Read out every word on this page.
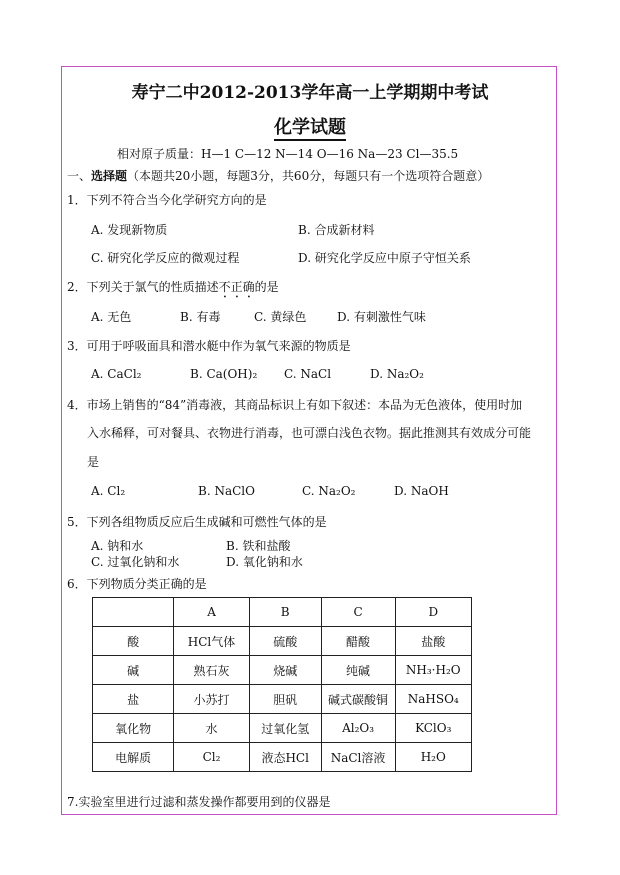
寿宁二中2012-2013学年高一上学期期中考试
化学试题
相对原子质量：H—1 C—12 N—14 O—16 Na—23 Cl—35.5
一、选择题（本题共20小题，每题3分，共60分，每题只有一个选项符合题意）
1．下列不符合当今化学研究方向的是
A. 发现新物质	B. 合成新材料
C. 研究化学反应的微观过程	D. 研究化学反应中原子守恒关系
2．下列关于氯气的性质描述不正确的是
A. 无色	B. 有毒	C. 黄绿色	D. 有刺激性气味
3．可用于呼吸面具和潜水艇中作为氧气来源的物质是
A. CaCl₂	B. Ca(OH)₂ C. NaCl	D. Na₂O₂
4．市场上销售的“84”消毒液，其商品标识上有如下叙述：本品为无色液体，使用时加
入水稀释，可对餐具、衣物进行消毒，也可漂白浅色衣物。据此推测其有效成分可能
是
A. Cl₂	B. NaClO	C. Na₂O₂	D. NaOH
5．下列各组物质反应后生成碱和可燃性气体的是
A. 钠和水	B. 铁和盐酸
C. 过氧化钠和水	D. 氧化钠和水
6．下列物质分类正确的是
	A	B	C	D
酸	HCl气体	硫酸	醋酸	盐酸
碱	熟石灰	烧碱	纯碱	NH₃·H₂O
盐	小苏打	胆矾	碱式碳酸铜	NaHSO₄
氧化物	水	过氧化氢	Al₂O₃	KClO₃
电解质	Cl₂	液态HCl	NaCl溶液	H₂O
7.实验室里进行过滤和蒸发操作都要用到的仪器是
